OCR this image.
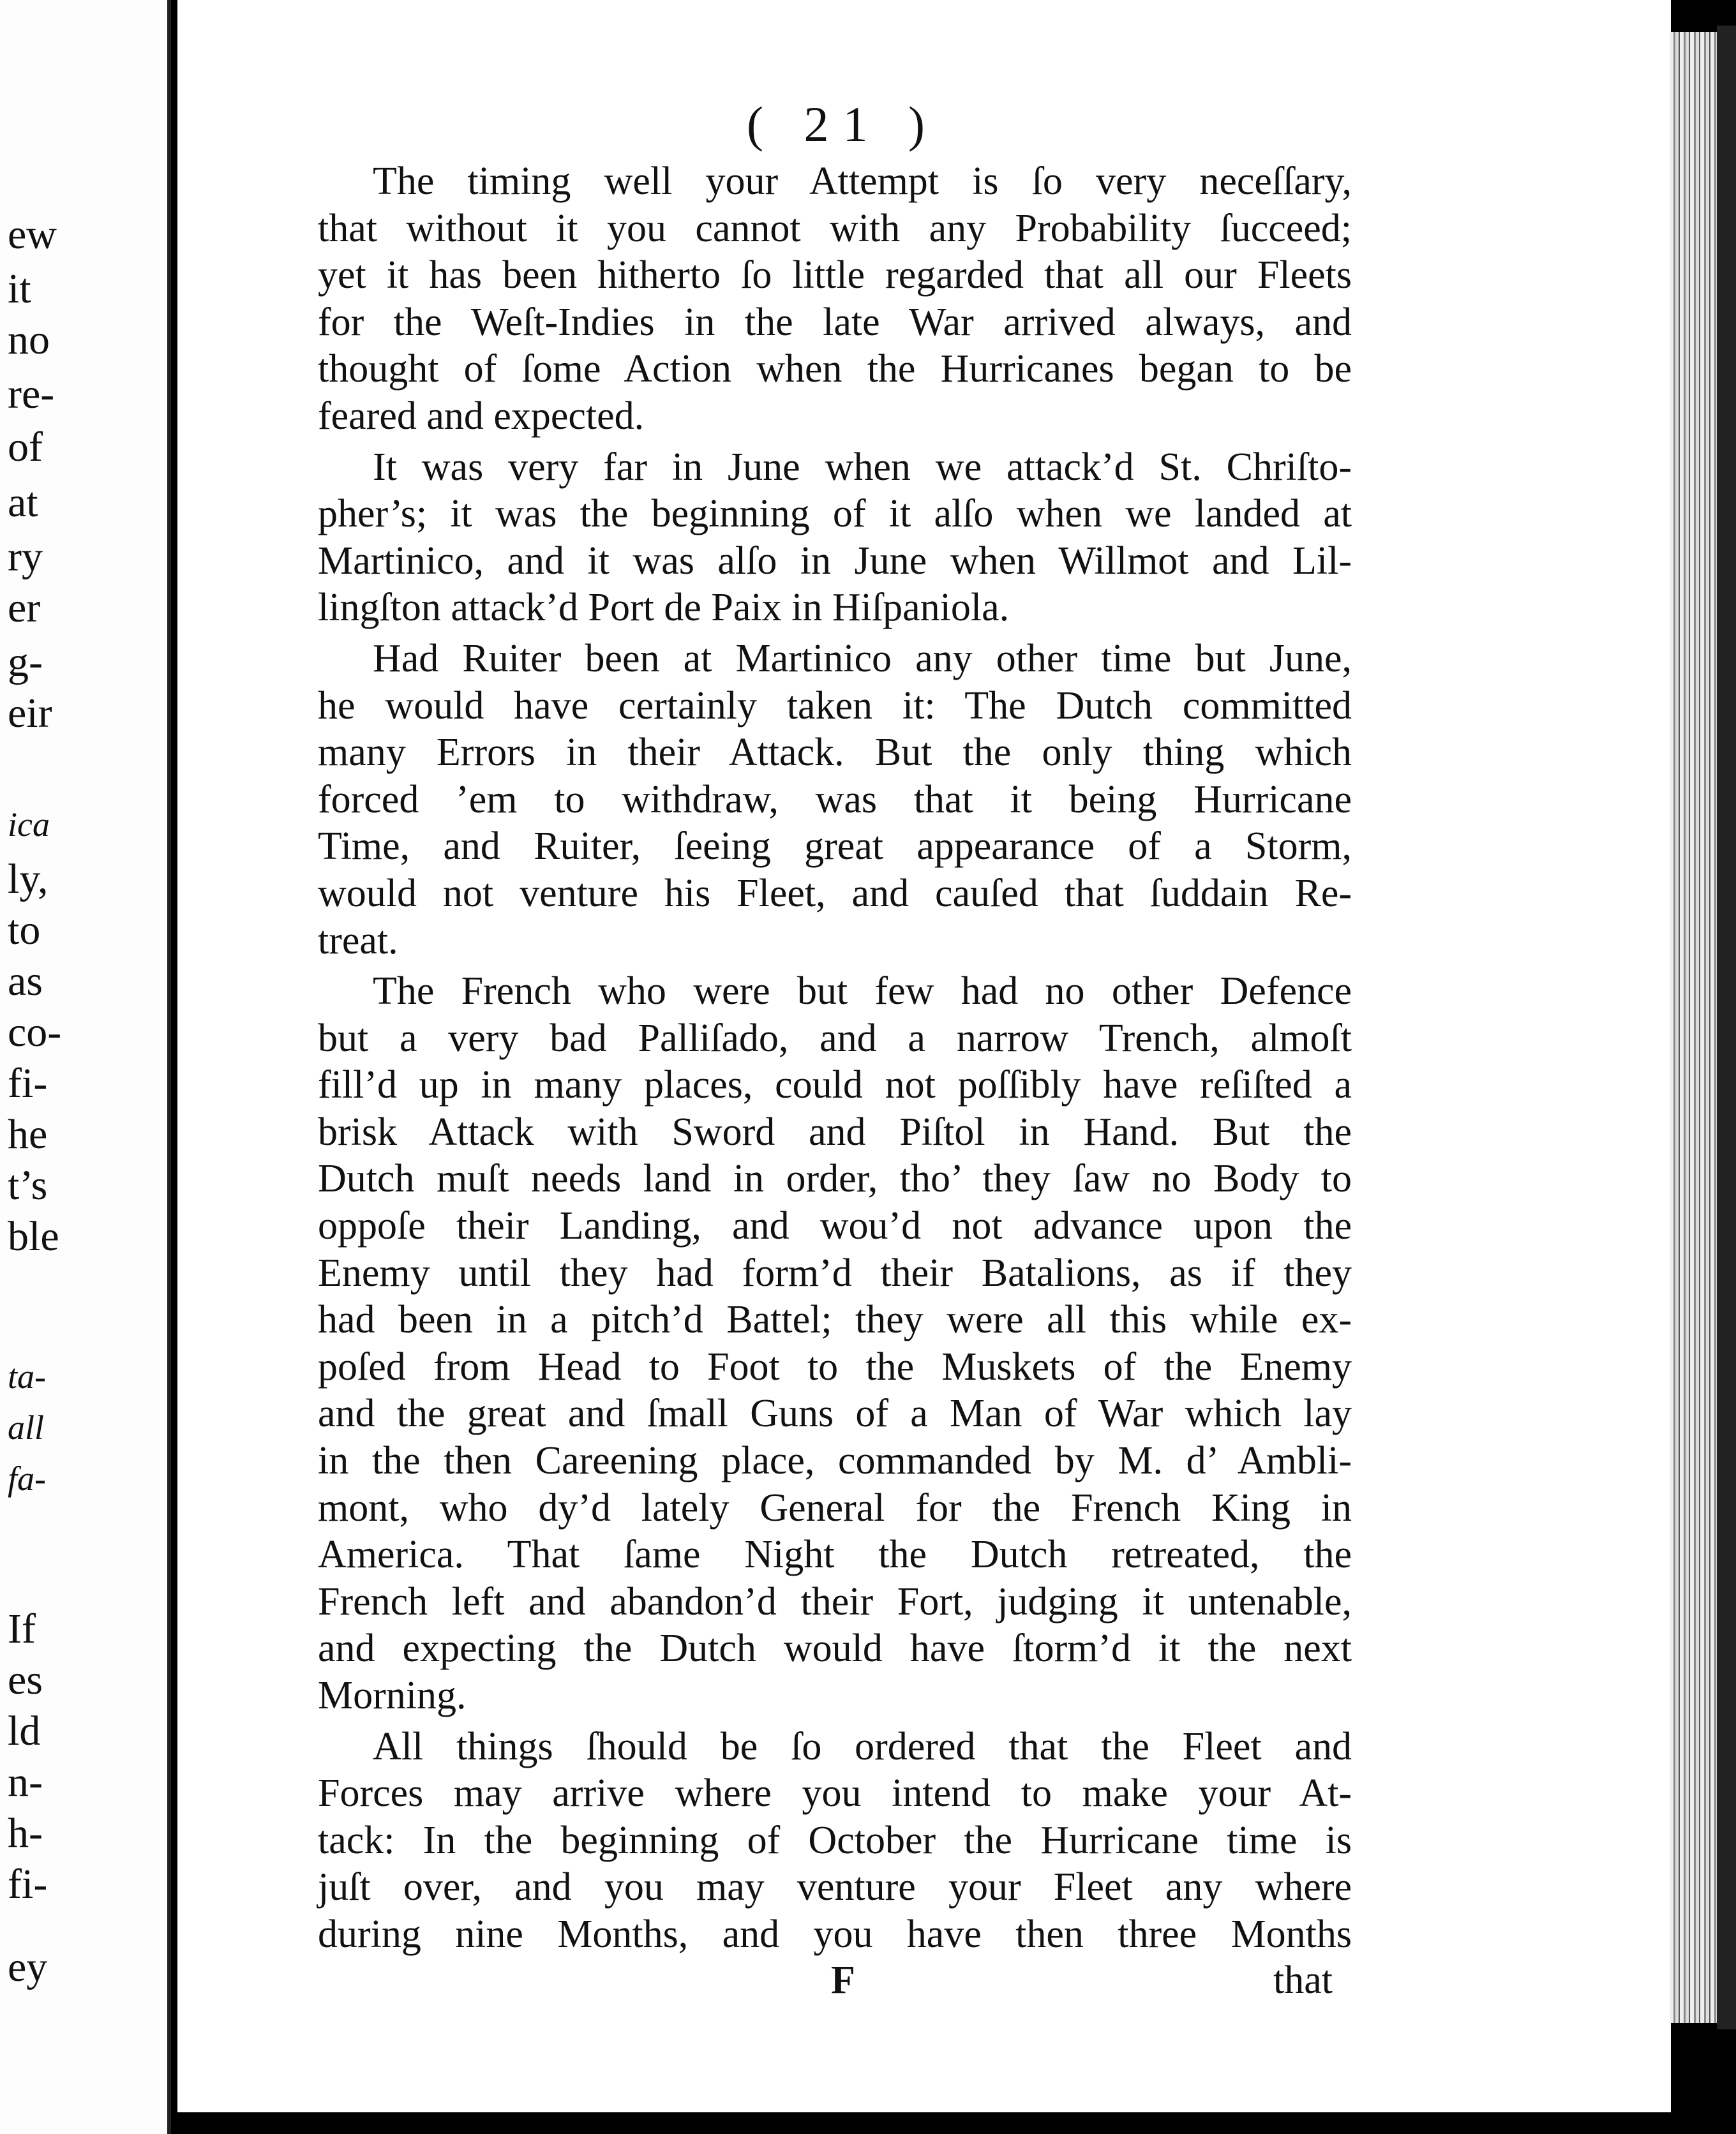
ew
it
no
re-
of
at
ry
er
g-
eir
ica
ly,
to
as
co-
fi-
he
t’s
ble
ta-
all
fa-
If
es
ld
n-
h-
fi-
ey
( 21 )
The timing well your Attempt is ſo very neceſſary,
that without it you cannot with any Probability ſucceed;
yet it has been hitherto ſo little regarded that all our Fleets
for the Weſt-Indies in the late War arrived always, and
thought of ſome Action when the Hurricanes began to be
feared and expected.
It was very far in June when we attack’d St. Chriſto-
pher’s; it was the beginning of it alſo when we landed at
Martinico, and it was alſo in June when Willmot and Lil-
lingſton attack’d Port de Paix in Hiſpaniola.
Had Ruiter been at Martinico any other time but June,
he would have certainly taken it: The Dutch committed
many Errors in their Attack. But the only thing which
forced ’em to withdraw, was that it being Hurricane
Time, and Ruiter, ſeeing great appearance of a Storm,
would not venture his Fleet, and cauſed that ſuddain Re-
treat.
The French who were but few had no other Defence
but a very bad Palliſado, and a narrow Trench, almoſt
fill’d up in many places, could not poſſibly have reſiſted a
brisk Attack with Sword and Piſtol in Hand. But the
Dutch muſt needs land in order, tho’ they ſaw no Body to
oppoſe their Landing, and wou’d not advance upon the
Enemy until they had form’d their Batalions, as if they
had been in a pitch’d Battel; they were all this while ex-
poſed from Head to Foot to the Muskets of the Enemy
and the great and ſmall Guns of a Man of War which lay
in the then Careening place, commanded by M. d’ Ambli-
mont, who dy’d lately General for the French King in
America. That ſame Night the Dutch retreated, the
French left and abandon’d their Fort, judging it untenable,
and expecting the Dutch would have ſtorm’d it the next
Morning.
All things ſhould be ſo ordered that the Fleet and
Forces may arrive where you intend to make your At-
tack: In the beginning of October the Hurricane time is
juſt over, and you may venture your Fleet any where
during nine Months, and you have then three Months
F	that
